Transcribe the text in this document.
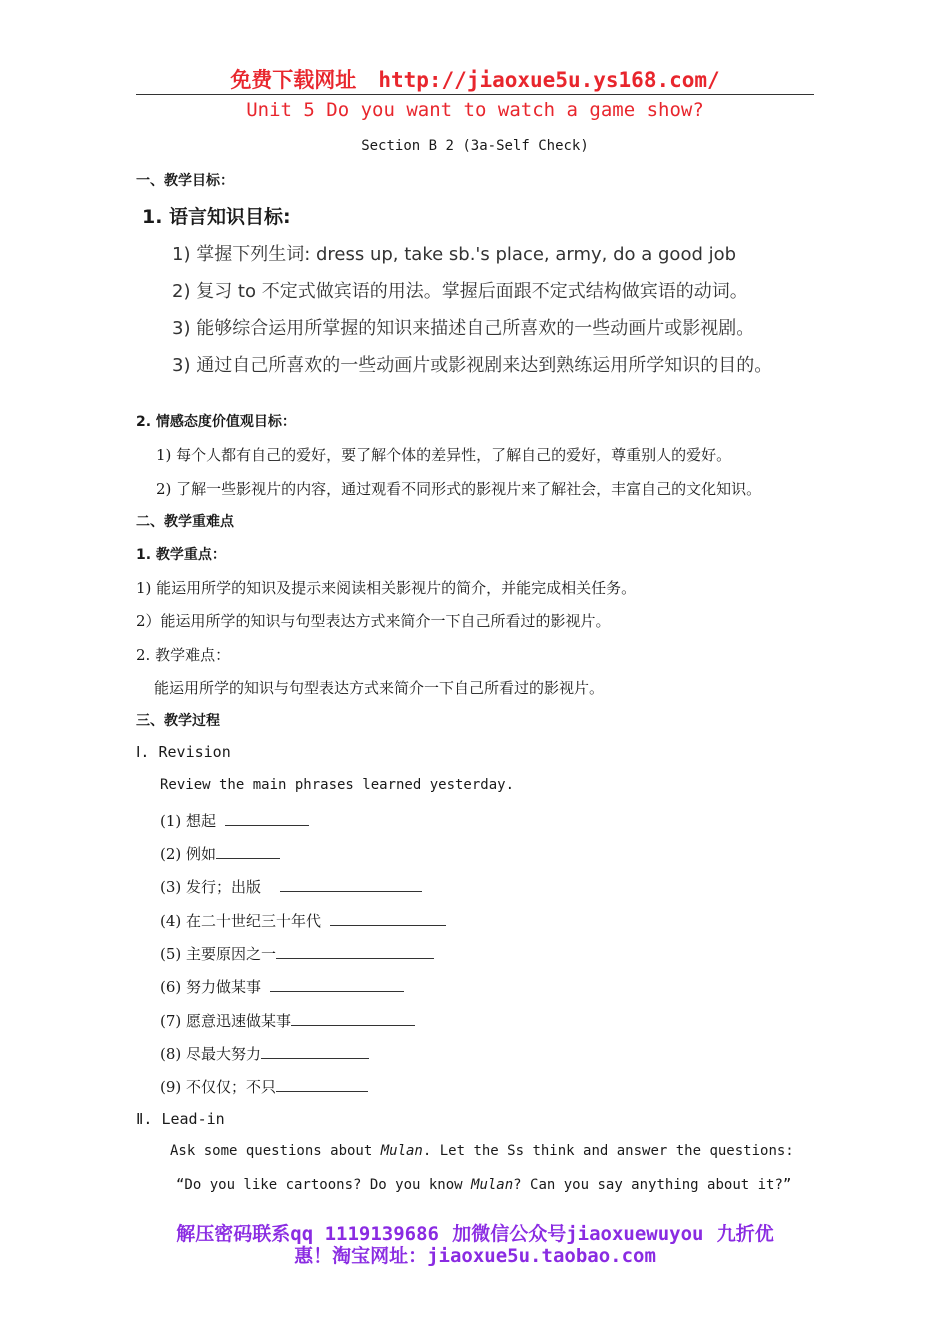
免费下载网址 http://jiaoxue5u.ys168.com/
Unit 5 Do you want to watch a game show?
Section B 2 (3a-Self Check)
一、教学目标：
1. 语言知识目标:
1) 掌握下列生词: dress up, take sb.'s place, army, do a good job
2) 复习 to 不定式做宾语的用法。掌握后面跟不定式结构做宾语的动词。
3) 能够综合运用所掌握的知识来描述自己所喜欢的一些动画片或影视剧。
3) 通过自己所喜欢的一些动画片或影视剧来达到熟练运用所学知识的目的。
2. 情感态度价值观目标：
1) 每个人都有自己的爱好，要了解个体的差异性，了解自己的爱好，尊重别人的爱好。
2) 了解一些影视片的内容，通过观看不同形式的影视片来了解社会，丰富自己的文化知识。
二、教学重难点
1. 教学重点：
1) 能运用所学的知识及提示来阅读相关影视片的简介，并能完成相关任务。
2）能运用所学的知识与句型表达方式来简介一下自己所看过的影视片。
2. 教学难点：
能运用所学的知识与句型表达方式来简介一下自己所看过的影视片。
三、教学过程
Ⅰ. Revision
Review the main phrases learned yesterday.
(1) 想起
(2) 例如
(3) 发行；出版
(4) 在二十世纪三十年代
(5) 主要原因之一
(6) 努力做某事
(7) 愿意迅速做某事
(8) 尽最大努力
(9) 不仅仅；不只
Ⅱ. Lead-in
Ask some questions about Mulan. Let the Ss think and answer the questions:
“Do you like cartoons? Do you know Mulan? Can you say anything about it?”
解压密码联系qq 1119139686 加微信公众号jiaoxuewuyou 九折优
惠！淘宝网址：jiaoxue5u.taobao.com
